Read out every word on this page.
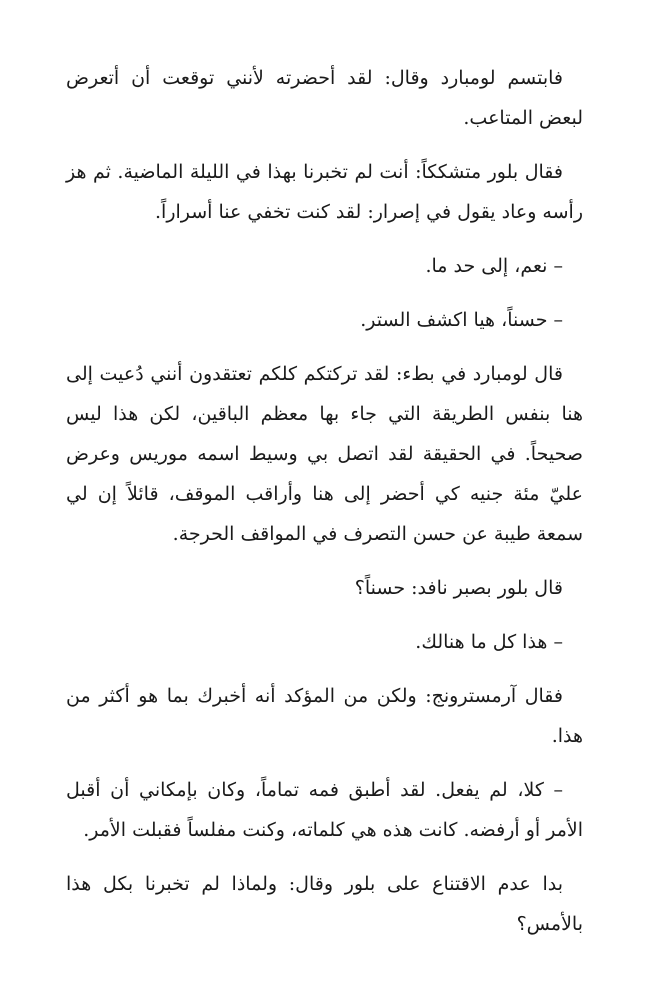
فابتسم لومبارد وقال: لقد أحضرته لأنني توقعت أن أتعرض لبعض المتاعب.

فقال بلور متشككاً: أنت لم تخبرنا بهذا في الليلة الماضية. ثم هز رأسه وعاد يقول في إصرار: لقد كنت تخفي عنا أسراراً.

– نعم، إلى حد ما.

– حسناً، هيا اكشف الستر.

قال لومبارد في بطء: لقد تركتكم كلكم تعتقدون أنني دُعيت إلى هنا بنفس الطريقة التي جاء بها معظم الباقين، لكن هذا ليس صحيحاً. في الحقيقة لقد اتصل بي وسيط اسمه موريس وعرض عليّ مئة جنيه كي أحضر إلى هنا وأراقب الموقف، قائلاً إن لي سمعة طيبة عن حسن التصرف في المواقف الحرجة.

قال بلور بصبر نافد: حسناً؟

– هذا كل ما هنالك.

فقال آرمسترونج: ولكن من المؤكد أنه أخبرك بما هو أكثر من هذا.

– كلا، لم يفعل. لقد أطبق فمه تماماً، وكان بإمكاني أن أقبل الأمر أو أرفضه. كانت هذه هي كلماته، وكنت مفلساً فقبلت الأمر.

بدا عدم الاقتناع على بلور وقال: ولماذا لم تخبرنا بكل هذا بالأمس؟
